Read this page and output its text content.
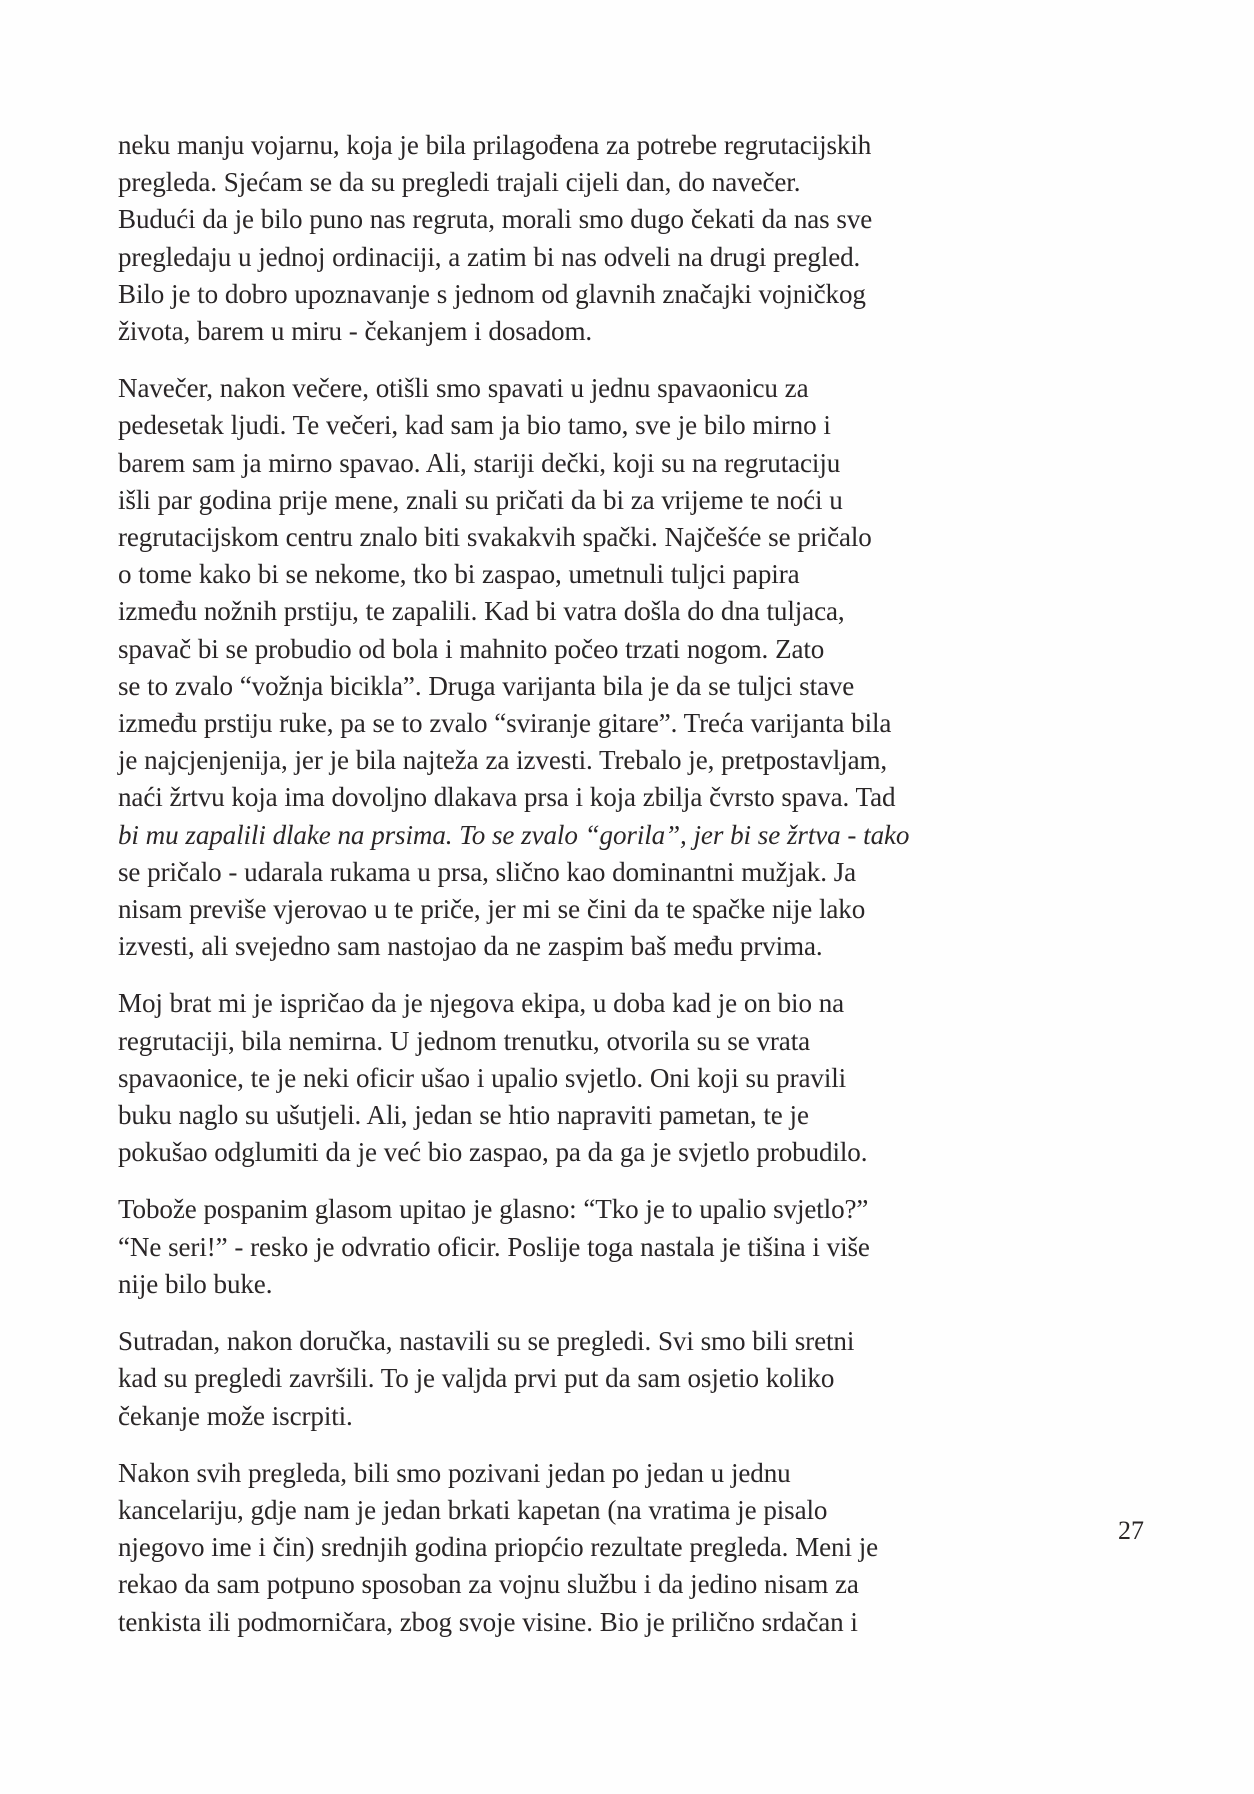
neku manju vojarnu, koja je bila prilagođena za potrebe regrutacijskih
pregleda. Sjećam se da su pregledi trajali cijeli dan, do navečer.
Budući da je bilo puno nas regruta, morali smo dugo čekati da nas sve
pregledaju u jednoj ordinaciji, a zatim bi nas odveli na drugi pregled.
Bilo je to dobro upoznavanje s jednom od glavnih značajki vojničkog
života, barem u miru - čekanjem i dosadom.

Navečer, nakon večere, otišli smo spavati u jednu spavaonicu za
pedesetak ljudi. Te večeri, kad sam ja bio tamo, sve je bilo mirno i
barem sam ja mirno spavao. Ali, stariji dečki, koji su na regrutaciju
išli par godina prije mene, znali su pričati da bi za vrijeme te noći u
regrutacijskom centru znalo biti svakakvih spački. Najčešće se pričalo
o tome kako bi se nekome, tko bi zaspao, umetnuli tuljci papira
između nožnih prstiju, te zapalili. Kad bi vatra došla do dna tuljaca,
spavač bi se probudio od bola i mahnito počeo trzati nogom. Zato
se to zvalo “vožnja bicikla”. Druga varijanta bila je da se tuljci stave
između prstiju ruke, pa se to zvalo “sviranje gitare”. Treća varijanta bila
je najcjenjenija, jer je bila najteža za izvesti. Trebalo je, pretpostavljam,
naći žrtvu koja ima dovoljno dlakava prsa i koja zbilja čvrsto spava. Tad
bi mu zapalili dlake na prsima. To se zvalo “gorila”, jer bi se žrtva - tako
se pričalo - udarala rukama u prsa, slično kao dominantni mužjak. Ja
nisam previše vjerovao u te priče, jer mi se čini da te spačke nije lako
izvesti, ali svejedno sam nastojao da ne zaspim baš među prvima.

Moj brat mi je ispričao da je njegova ekipa, u doba kad je on bio na
regrutaciji, bila nemirna. U jednom trenutku, otvorila su se vrata
spavaonice, te je neki oficir ušao i upalio svjetlo. Oni koji su pravili
buku naglo su ušutjeli. Ali, jedan se htio napraviti pametan, te je
pokušao odglumiti da je već bio zaspao, pa da ga je svjetlo probudilo.

Tobože pospanim glasom upitao je glasno: “Tko je to upalio svjetlo?”
“Ne seri!” - resko je odvratio oficir. Poslije toga nastala je tišina i više
nije bilo buke.

Sutradan, nakon doručka, nastavili su se pregledi. Svi smo bili sretni
kad su pregledi završili. To je valjda prvi put da sam osjetio koliko
čekanje može iscrpiti.

Nakon svih pregleda, bili smo pozivani jedan po jedan u jednu
kancelariju, gdje nam je jedan brkati kapetan (na vratima je pisalo
njegovo ime i čin) srednjih godina priopćio rezultate pregleda. Meni je
rekao da sam potpuno sposoban za vojnu službu i da jedino nisam za
tenkista ili podmorničara, zbog svoje visine. Bio je prilično srdačan i

27
